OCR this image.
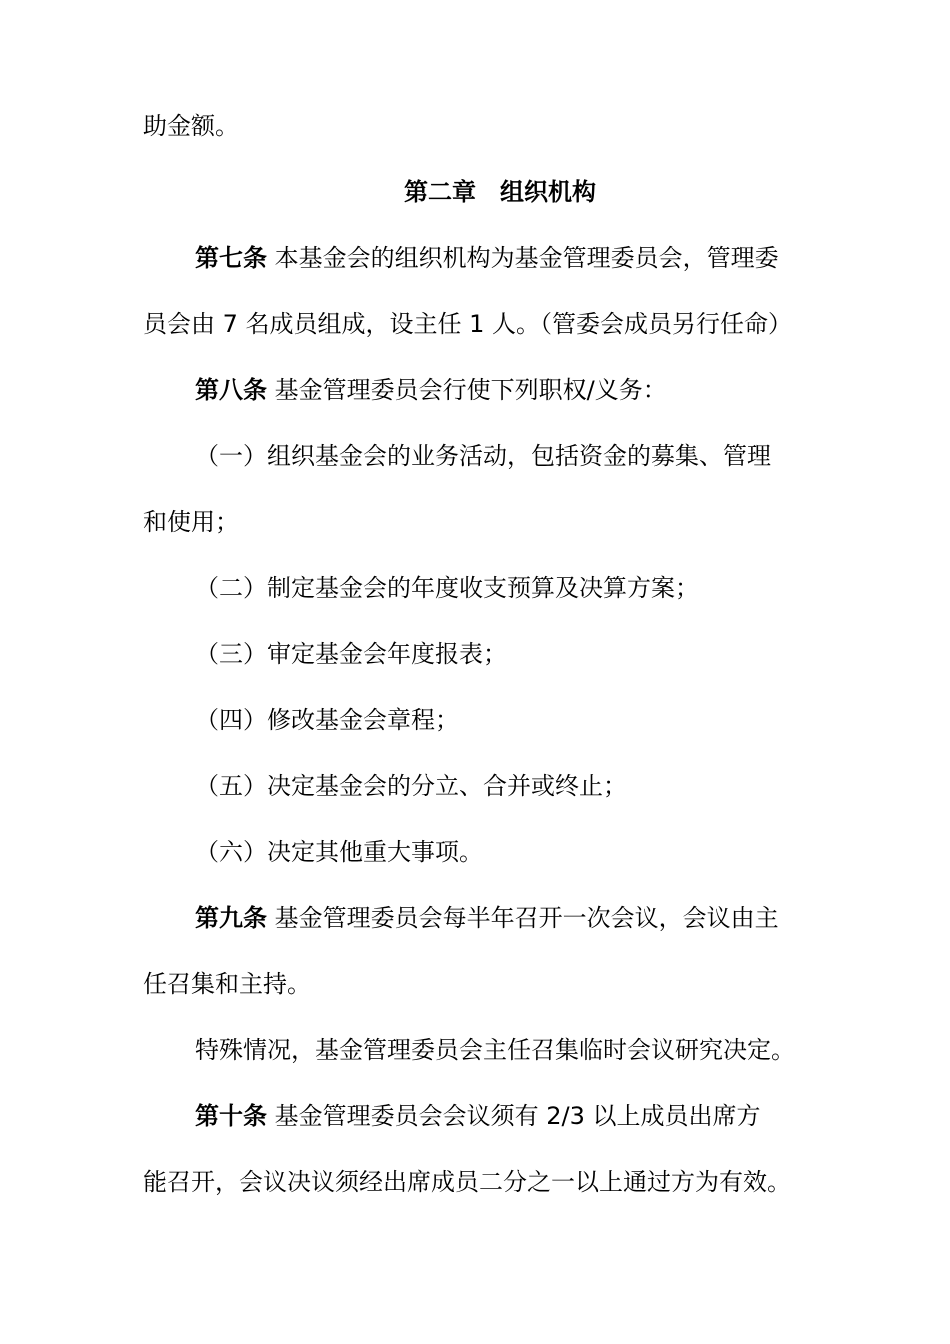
助金额。
第二章　组织机构
第七条 本基金会的组织机构为基金管理委员会，管理委
员会由 7 名成员组成，设主任 1 人。（管委会成员另行任命）
第八条 基金管理委员会行使下列职权/义务：
（一）组织基金会的业务活动，包括资金的募集、管理
和使用；
（二）制定基金会的年度收支预算及决算方案；
（三）审定基金会年度报表；
（四）修改基金会章程；
（五）决定基金会的分立、合并或终止；
（六）决定其他重大事项。
第九条 基金管理委员会每半年召开一次会议，会议由主
任召集和主持。
特殊情况，基金管理委员会主任召集临时会议研究决定。
第十条 基金管理委员会会议须有 2/3 以上成员出席方
能召开，会议决议须经出席成员二分之一以上通过方为有效。
